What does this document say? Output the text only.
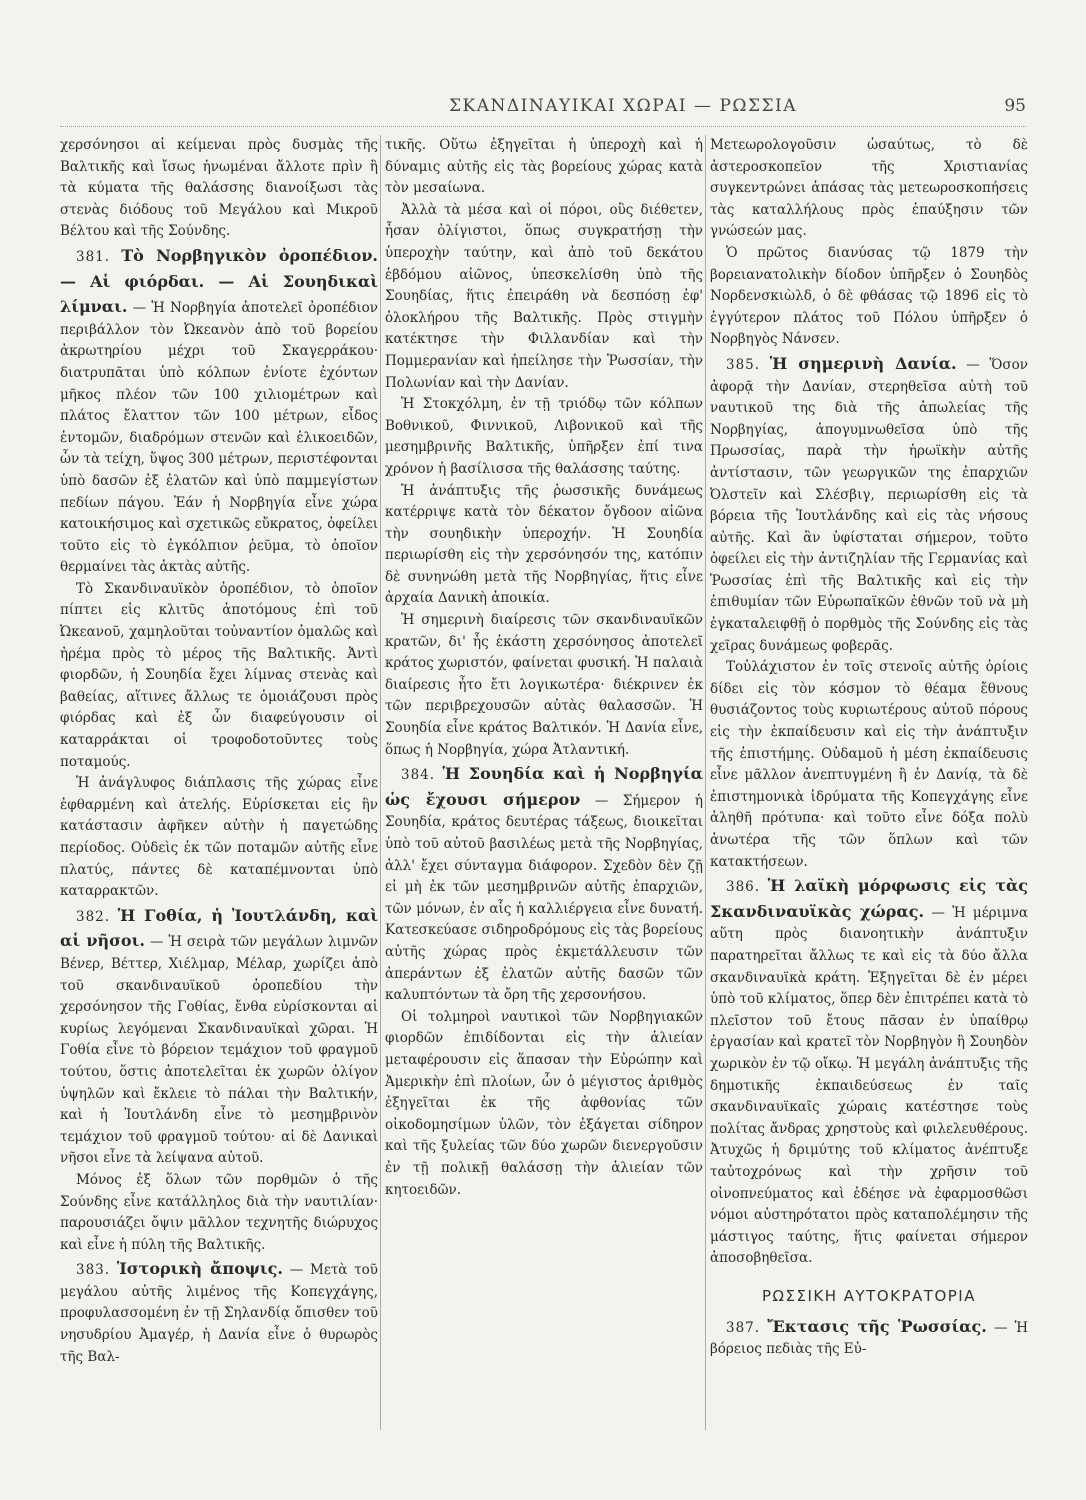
ΣΚΑΝΔΙΝΑΥΙΚΑΙ ΧΩΡΑΙ — ΡΩΣΣΙΑ	95

χερσόνησοι αἱ κείμεναι πρὸς δυσμὰς τῆς Βαλτικῆς καὶ ἴσως ἡνωμέναι ἄλλοτε πρὶν ἢ τὰ κύματα τῆς θαλάσσης διανοίξωσι τὰς στενὰς διόδους τοῦ Μεγάλου καὶ Μικροῦ Βέλτου καὶ τῆς Σούνδης.

381. Τὸ Νορβηγικὸν ὀροπέδιον. — Αἱ φιόρδαι. — Αἱ Σουηδικαὶ λίμναι. — Ἡ Νορβηγία ἀποτελεῖ ὀροπέδιον περιβάλλον τὸν Ὠκεανὸν ἀπὸ τοῦ βορείου ἀκρωτηρίου μέχρι τοῦ Σκαγερράκου· διατρυπᾶται ὑπὸ κόλπων ἐνίοτε ἐχόντων μῆκος πλέον τῶν 100 χιλιομέτρων καὶ πλάτος ἔλαττον τῶν 100 μέτρων, εἶδος ἐντομῶν, διαδρόμων στενῶν καὶ ἑλικοειδῶν, ὧν τὰ τείχη, ὕψος 300 μέτρων, περιστέφονται ὑπὸ δασῶν ἐξ ἐλατῶν καὶ ὑπὸ παμμεγίστων πεδίων πάγου. Ἐάν ἡ Νορβηγία εἶνε χώρα κατοικήσιμος καὶ σχετικῶς εὔκρατος, ὀφείλει τοῦτο εἰς τὸ ἐγκόλπιον ῥεῦμα, τὸ ὁποῖον θερμαίνει τὰς ἀκτὰς αὐτῆς.

Τὸ Σκανδιναυϊκὸν ὀροπέδιον, τὸ ὁποῖον πίπτει εἰς κλιτῦς ἀποτόμους ἐπὶ τοῦ Ὠκεανοῦ, χαμηλοῦται τοὐναντίον ὁμαλῶς καὶ ἠρέμα πρὸς τὸ μέρος τῆς Βαλτικῆς. Ἀντὶ φιορδῶν, ἡ Σουηδία ἔχει λίμνας στενὰς καὶ βαθείας, αἵτινες ἄλλως τε ὁμοιάζουσι πρὸς φιόρδας καὶ ἐξ ὧν διαφεύγουσιν οἱ καταρράκται οἱ τροφοδοτοῦντες τοὺς ποταμούς.

Ἡ ἀνάγλυφος διάπλασις τῆς χώρας εἶνε ἐφθαρμένη καὶ ἀτελής. Εὑρίσκεται εἰς ἣν κατάστασιν ἀφῆκεν αὐτὴν ἡ παγετώδης περίοδος. Οὐδεὶς ἐκ τῶν ποταμῶν αὐτῆς εἶνε πλατύς, πάντες δὲ καταπέμνονται ὑπὸ καταρρακτῶν.

382. Ἡ Γοθία, ἡ Ἰουτλάνδη, καὶ αἱ νῆσοι. — Ἡ σειρὰ τῶν μεγάλων λιμνῶν Βένερ, Βέττερ, Χιέλμαρ, Μέλαρ, χωρίζει ἀπὸ τοῦ σκανδιναυϊκοῦ ὀροπεδίου τὴν χερσόνησον τῆς Γοθίας, ἔνθα εὑρίσκονται αἱ κυρίως λεγόμεναι Σκανδιναυϊκαὶ χῶραι. Ἡ Γοθία εἶνε τὸ βόρειον τεμάχιον τοῦ φραγμοῦ τούτου, ὅστις ἀποτελεῖται ἐκ χωρῶν ὀλίγον ὑψηλῶν καὶ ἔκλειε τὸ πάλαι τὴν Βαλτικήν, καὶ ἡ Ἰουτλάνδη εἶνε τὸ μεσημβρινὸν τεμάχιον τοῦ φραγμοῦ τούτου· αἱ δὲ Δανικαὶ νῆσοι εἶνε τὰ λείψανα αὐτοῦ.

Μόνος ἐξ ὅλων τῶν πορθμῶν ὁ τῆς Σούνδης εἶνε κατάλληλος διὰ τὴν ναυτιλίαν· παρουσιάζει ὄψιν μᾶλλον τεχνητῆς διώρυχος καὶ εἶνε ἡ πύλη τῆς Βαλτικῆς.

383. Ἱστορικὴ ἄποψις. — Μετὰ τοῦ μεγάλου αὐτῆς λιμένος τῆς Κοπεγχάγης, προφυλασσομένη ἐν τῇ Σηλανδίᾳ ὄπισθεν τοῦ νησυδρίου Ἀμαγέρ, ἡ Δανία εἶνε ὁ θυρωρὸς τῆς Βαλ-

τικῆς. Οὕτω ἐξηγεῖται ἡ ὑπεροχὴ καὶ ἡ δύναμις αὐτῆς εἰς τὰς βορείους χώρας κατὰ τὸν μεσαίωνα.

Ἀλλὰ τὰ μέσα καὶ οἱ πόροι, οὓς διέθετεν, ἦσαν ὀλίγιστοι, ὅπως συγκρατήσῃ τὴν ὑπεροχὴν ταύτην, καὶ ἀπὸ τοῦ δεκάτου ἑβδόμου αἰῶνος, ὑπεσκελίσθη ὑπὸ τῆς Σουηδίας, ἥτις ἐπειράθη νὰ δεσπόσῃ ἐφ' ὁλοκλήρου τῆς Βαλτικῆς. Πρὸς στιγμὴν κατέκτησε τὴν Φιλλανδίαν καὶ τὴν Πομμερανίαν καὶ ἠπείλησε τὴν Ῥωσσίαν, τὴν Πολωνίαν καὶ τὴν Δανίαν.

Ἡ Στοκχόλμη, ἐν τῇ τριόδῳ τῶν κόλπων Βοθνικοῦ, Φιννικοῦ, Λιβονικοῦ καὶ τῆς μεσημβρινῆς Βαλτικῆς, ὑπῆρξεν ἐπί τινα χρόνον ἡ βασίλισσα τῆς θαλάσσης ταύτης.

Ἡ ἀνάπτυξις τῆς ῥωσσικῆς δυνάμεως κατέρριψε κατὰ τὸν δέκατον ὄγδοον αἰῶνα τὴν σουηδικὴν ὑπεροχήν. Ἡ Σουηδία περιωρίσθη εἰς τὴν χερσόνησόν της, κατόπιν δὲ συνηνώθη μετὰ τῆς Νορβηγίας, ἥτις εἶνε ἀρχαία Δανικὴ ἀποικία.

Ἡ σημερινὴ διαίρεσις τῶν σκανδιναυϊκῶν κρατῶν, δι' ἧς ἑκάστη χερσόνησος ἀποτελεῖ κράτος χωριστόν, φαίνεται φυσική. Ἡ παλαιὰ διαίρεσις ἦτο ἔτι λογικωτέρα· διέκρινεν ἐκ τῶν περιβρεχουσῶν αὐτὰς θαλασσῶν. Ἡ Σουηδία εἶνε κράτος Βαλτικόν. Ἡ Δανία εἶνε, ὅπως ἡ Νορβηγία, χώρα Ἀτλαντική.

384. Ἡ Σουηδία καὶ ἡ Νορβηγία ὡς ἔχουσι σήμερον — Σήμερον ἡ Σουηδία, κράτος δευτέρας τάξεως, διοικεῖται ὑπὸ τοῦ αὐτοῦ βασιλέως μετὰ τῆς Νορβηγίας, ἀλλ' ἔχει σύνταγμα διάφορον. Σχεδὸν δὲν ζῇ εἰ μὴ ἐκ τῶν μεσημβρινῶν αὐτῆς ἐπαρχιῶν, τῶν μόνων, ἐν αἷς ἡ καλλιέργεια εἶνε δυνατή. Κατεσκεύασε σιδηροδρόμους εἰς τὰς βορείους αὐτῆς χώρας πρὸς ἐκμετάλλευσιν τῶν ἀπεράντων ἐξ ἐλατῶν αὐτῆς δασῶν τῶν καλυπτόντων τὰ ὄρη τῆς χερσονήσου.

Οἱ τολμηροὶ ναυτικοὶ τῶν Νορβηγιακῶν φιορδῶν ἐπιδίδονται εἰς τὴν ἁλιείαν μεταφέρουσιν εἰς ἅπασαν τὴν Εὐρώπην καὶ Ἀμερικὴν ἐπὶ πλοίων, ὧν ὁ μέγιστος ἀριθμὸς ἐξηγεῖται ἐκ τῆς ἀφθονίας τῶν οἰκοδομησίμων ὑλῶν, τὸν ἐξάγεται σίδηρον καὶ τῆς ξυλείας τῶν δύο χωρῶν διενεργοῦσιν ἐν τῇ πολικῇ θαλάσσῃ τὴν ἁλιείαν τῶν κητοειδῶν.

Μετεωρολογοῦσιν ὡσαύτως, τὸ δὲ ἀστεροσκοπεῖον τῆς Χριστιανίας συγκεντρώνει ἁπάσας τὰς μετεωροσκοπήσεις τὰς καταλλήλους πρὸς ἐπαύξησιν τῶν γνώσεών μας.

Ὁ πρῶτος διανύσας τῷ 1879 τὴν βορειανατολικὴν δίοδον ὑπῆρξεν ὁ Σουηδὸς Νορδενσκιὼλδ, ὁ δὲ φθάσας τῷ 1896 εἰς τὸ ἐγγύτερον πλάτος τοῦ Πόλου ὑπῆρξεν ὁ Νορβηγὸς Νάνσεν.

385. Ἡ σημερινὴ Δανία. — Ὅσον ἀφορᾷ τὴν Δανίαν, στερηθεῖσα αὐτὴ τοῦ ναυτικοῦ της διὰ τῆς ἀπωλείας τῆς Νορβηγίας, ἀπογυμνωθεῖσα ὑπὸ τῆς Πρωσσίας, παρὰ τὴν ἡρωϊκὴν αὐτῆς ἀντίστασιν, τῶν γεωργικῶν της ἐπαρχιῶν Ὀλστεῖν καὶ Σλέσβιγ, περιωρίσθη εἰς τὰ βόρεια τῆς Ἰουτλάνδης καὶ εἰς τὰς νήσους αὐτῆς. Καὶ ἂν ὑφίσταται σήμερον, τοῦτο ὀφείλει εἰς τὴν ἀντιζηλίαν τῆς Γερμανίας καὶ Ῥωσσίας ἐπὶ τῆς Βαλτικῆς καὶ εἰς τὴν ἐπιθυμίαν τῶν Εὐρωπαϊκῶν ἐθνῶν τοῦ νὰ μὴ ἐγκαταλειφθῇ ὁ πορθμὸς τῆς Σούνδης εἰς τὰς χεῖρας δυνάμεως φοβερᾶς.

Τοὐλάχιστον ἐν τοῖς στενοῖς αὐτῆς ὁρίοις δίδει εἰς τὸν κόσμον τὸ θέαμα ἔθνους θυσιάζοντος τοὺς κυριωτέρους αὐτοῦ πόρους εἰς τὴν ἐκπαίδευσιν καὶ εἰς τὴν ἀνάπτυξιν τῆς ἐπιστήμης. Οὐδαμοῦ ἡ μέση ἐκπαίδευσις εἶνε μᾶλλον ἀνεπτυγμένη ἢ ἐν Δανίᾳ, τὰ δὲ ἐπιστημονικὰ ἱδρύματα τῆς Κοπεγχάγης εἶνε ἀληθῆ πρότυπα· καὶ τοῦτο εἶνε δόξα πολὺ ἀνωτέρα τῆς τῶν ὅπλων καὶ τῶν κατακτήσεων.

386. Ἡ λαϊκὴ μόρφωσις εἰς τὰς Σκανδιναυϊκὰς χώρας. — Ἡ μέριμνα αὕτη πρὸς διανοητικὴν ἀνάπτυξιν παρατηρεῖται ἄλλως τε καὶ εἰς τὰ δύο ἄλλα σκανδιναυϊκὰ κράτη. Ἐξηγεῖται δὲ ἐν μέρει ὑπὸ τοῦ κλίματος, ὅπερ δὲν ἐπιτρέπει κατὰ τὸ πλεῖστον τοῦ ἔτους πᾶσαν ἐν ὑπαίθρῳ ἐργασίαν καὶ κρατεῖ τὸν Νορβηγὸν ἢ Σουηδὸν χωρικὸν ἐν τῷ οἴκῳ. Ἡ μεγάλη ἀνάπτυξις τῆς δημοτικῆς ἐκπαιδεύσεως ἐν ταῖς σκανδιναυϊκαῖς χώραις κατέστησε τοὺς πολίτας ἄνδρας χρηστοὺς καὶ φιλελευθέρους. Ἀτυχῶς ἡ δριμύτης τοῦ κλίματος ἀνέπτυξε ταὐτοχρόνως καὶ τὴν χρῆσιν τοῦ οἰνοπνεύματος καὶ ἐδέησε νὰ ἐφαρμοσθῶσι νόμοι αὐστηρότατοι πρὸς καταπολέμησιν τῆς μάστιγος ταύτης, ἥτις φαίνεται σήμερον ἀποσοβηθεῖσα.

ΡΩΣΣΙΚΗ ΑΥΤΟΚΡΑΤΟΡΙΑ

387. Ἔκτασις τῆς Ῥωσσίας. — Ἡ βόρειος πεδιὰς τῆς Εὐ-
